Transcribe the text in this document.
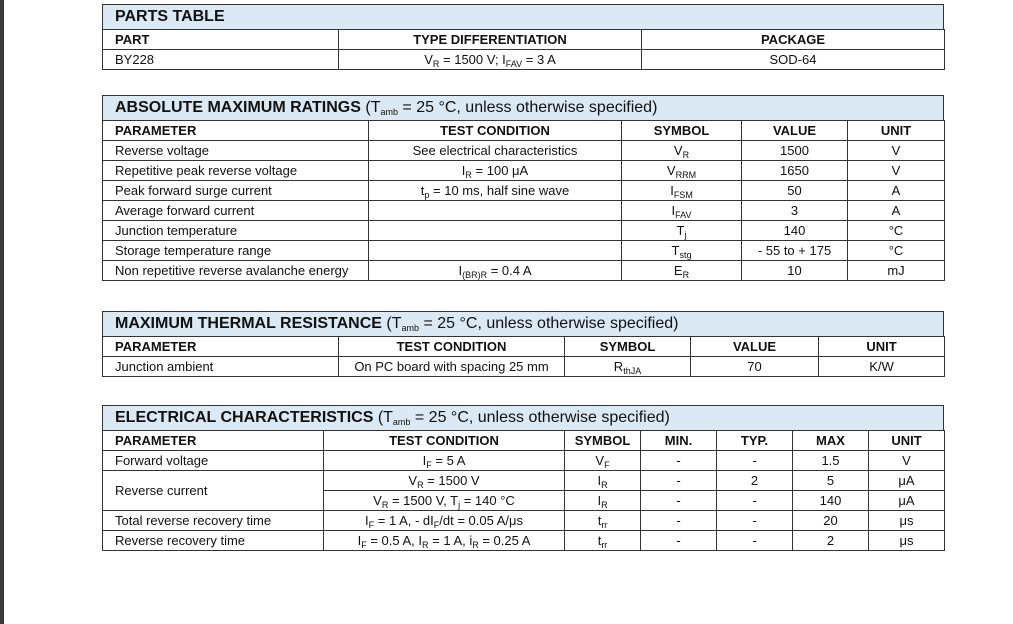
PARTS TABLE
PART	TYPE DIFFERENTIATION	PACKAGE
BY228	$V_R = 1500$ V; $I_{FAV} = 3$ A	SOD-64
ABSOLUTE MAXIMUM RATINGS ($T_{amb} = 25$ °C, unless otherwise specified)
PARAMETER	TEST CONDITION	SYMBOL	VALUE	UNIT
Reverse voltage	See electrical characteristics	$V_R$	1500	V
Repetitive peak reverse voltage	$I_R = 100$ μA	$V_{RRM}$	1650	V
Peak forward surge current	$t_p = 10$ ms, half sine wave	$I_{FSM}$	50	A
Average forward current		$I_{FAV}$	3	A
Junction temperature		$T_j$	140	°C
Storage temperature range		$T_{stg}$	- 55 to + 175	°C
Non repetitive reverse avalanche energy	$I_{(BR)R} = 0.4$ A	$E_R$	10	mJ
MAXIMUM THERMAL RESISTANCE ($T_{amb} = 25$ °C, unless otherwise specified)
PARAMETER	TEST CONDITION	SYMBOL	VALUE	UNIT
Junction ambient	On PC board with spacing 25 mm	$R_{thJA}$	70	K/W
ELECTRICAL CHARACTERISTICS ($T_{amb} = 25$ °C, unless otherwise specified)
PARAMETER	TEST CONDITION	SYMBOL	MIN.	TYP.	MAX	UNIT
Forward voltage	$I_F = 5$ A	$V_F$	-	-	1.5	V
Reverse current	$V_R = 1500$ V	$I_R$	-	2	5	μA
	$V_R = 1500$ V, $T_j = 140$ °C	$I_R$	-	-	140	μA
Total reverse recovery time	$I_F = 1$ A, - $dI_F/dt = 0.05$ A/μs	$t_{rr}$	-	-	20	μs
Reverse recovery time	$I_F = 0.5$ A, $I_R = 1$ A, $i_R = 0.25$ A	$t_{rr}$	-	-	2	μs
